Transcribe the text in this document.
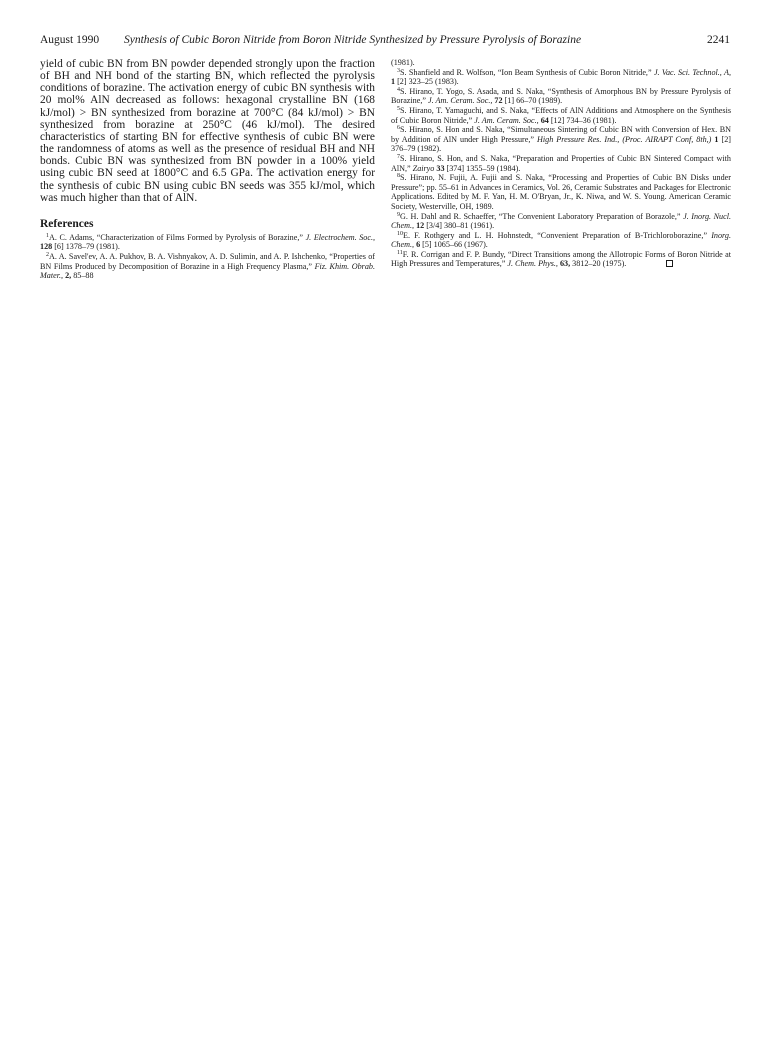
August 1990 Synthesis of Cubic Boron Nitride from Boron Nitride Synthesized by Pressure Pyrolysis of Borazine	2241

yield of cubic BN from BN powder depended strongly upon the fraction of BH and NH bond of the starting BN, which reflected the pyrolysis conditions of borazine. The activation energy of cubic BN synthesis with 20 mol% AlN decreased as follows: hexagonal crystalline BN (168 kJ/mol) > BN synthesized from borazine at 700°C (84 kJ/mol) > BN synthesized from borazine at 250°C (46 kJ/mol). The desired characteristics of starting BN for effective synthesis of cubic BN were the randomness of atoms as well as the presence of residual BH and NH bonds. Cubic BN was synthesized from BN powder in a 100% yield using cubic BN seed at 1800°C and 6.5 GPa. The activation energy for the synthesis of cubic BN using cubic BN seeds was 355 kJ/mol, which was much higher than that of AlN.

References

$^1$A. C. Adams, “Characterization of Films Formed by Pyrolysis of Borazine,” J. Electrochem. Soc., 128 [6] 1378–79 (1981).

$^2$A. A. Savel'ev, A. A. Pukhov, B. A. Vishnyakov, A. D. Sulimin, and A. P. Ishchenko, “Properties of BN Films Produced by Decomposition of Borazine in a High Frequency Plasma,” Fiz. Khim. Obrab. Mater., 2, 85–88

(1981).

$^3$S. Shanfield and R. Wolfson, “Ion Beam Synthesis of Cubic Boron Nitride,” J. Vac. Sci. Technol., A, 1 [2] 323–25 (1983).

$^4$S. Hirano, T. Yogo, S. Asada, and S. Naka, “Synthesis of Amorphous BN by Pressure Pyrolysis of Borazine,” J. Am. Ceram. Soc., 72 [1] 66–70 (1989).

$^5$S. Hirano, T. Yamaguchi, and S. Naka, “Effects of AlN Additions and Atmosphere on the Synthesis of Cubic Boron Nitride,” J. Am. Ceram. Soc., 64 [12] 734–36 (1981).

$^6$S. Hirano, S. Hon and S. Naka, “Simultaneous Sintering of Cubic BN with Conversion of Hex. BN by Addition of AlN under High Pressure,” High Pressure Res. Ind., (Proc. AIRAPT Conf, 8th,) 1 [2] 376–79 (1982).

$^7$S. Hirano, S. Hon, and S. Naka, “Preparation and Properties of Cubic BN Sintered Compact with AlN,” Zairyo 33 [374] 1355–59 (1984).

$^8$S. Hirano, N. Fujii, A. Fujii and S. Naka, “Processing and Properties of Cubic BN Disks under Pressure”; pp. 55–61 in Advances in Ceramics, Vol. 26, Ceramic Substrates and Packages for Electronic Applications. Edited by M. F. Yan, H. M. O'Bryan, Jr., K. Niwa, and W. S. Young. American Ceramic Society, Westerville, OH, 1989.

$^9$G. H. Dahl and R. Schaeffer, “The Convenient Laboratory Preparation of Borazole,” J. Inorg. Nucl. Chem., 12 [3/4] 380–81 (1961).

$^{10}$E. F. Rothgery and L. H. Hohnstedt, “Convenient Preparation of B-Trichloroborazine,” Inorg. Chem., 6 [5] 1065–66 (1967).

$^{11}$F. R. Corrigan and F. P. Bundy, “Direct Transitions among the Allotropic Forms of Boron Nitride at High Pressures and Temperatures,” J. Chem. Phys., 63, 3812–20 (1975).
